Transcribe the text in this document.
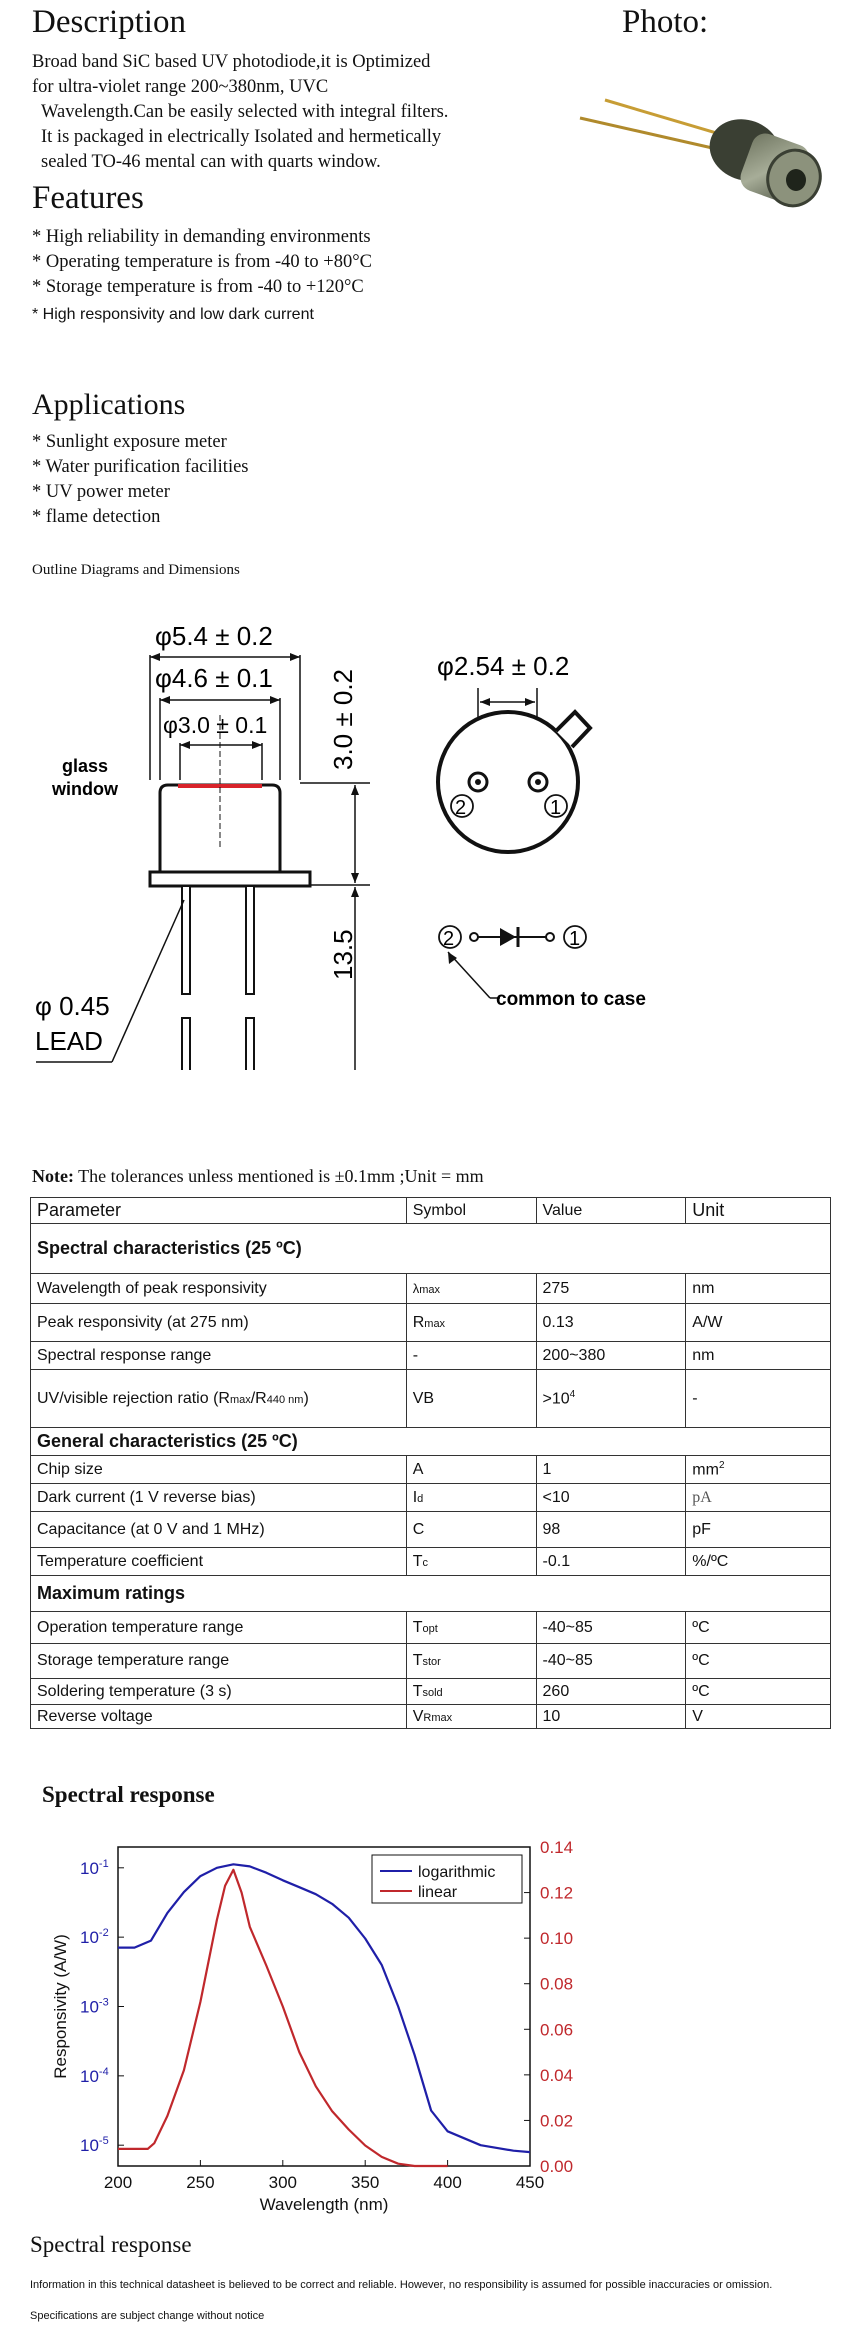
Description	Photo:
Broad band SiC based UV photodiode,it is Optimized
for ultra-violet range 200~380nm, UVC
Wavelength.Can be easily selected with integral filters.
It is packaged in electrically Isolated and hermetically
sealed TO-46 mental can with quarts window.
Features
* High reliability in demanding environments
* Operating temperature is from -40 to +80°C
* Storage temperature is from -40 to +120°C
* High responsivity and low dark current
Applications
* Sunlight exposure meter
* Water purification facilities
* UV power meter
* flame detection
Outline Diagrams and Dimensions
φ5.4 ± 0.2
φ4.6 ± 0.1
φ3.0 ± 0.1 3.0 ± 0.2
13.5
glass
window
φ 0.45
LEAD
φ2.54 ± 0.2
2	1
2	1
common to case
Note: The tolerances unless mentioned is ±0.1mm ;Unit = mm
Parameter	Symbol	Value	Unit
Spectral characteristics (25 ºC)			
Wavelength of peak responsivity	λmax	275	nm
Peak responsivity (at 275 nm)	Rmax	0.13	A/W
Spectral response range	-	200~380	nm
UV/visible rejection ratio (Rmax/R440 nm)	VB	$>10^4$	-
General characteristics (25 ºC)			
Chip size	A	1	$mm^2$
Dark current (1 V reverse bias)	Id	<10	pA
Capacitance (at 0 V and 1 MHz)	C	98	pF
Temperature coefficient	Tc	-0.1	%/ºC
Maximum ratings			
Operation temperature range	Topt	-40~85	ºC
Storage temperature range	Tstor	-40~85	ºC
Soldering temperature (3 s)	Tsold	260	ºC
Reverse voltage	VRmax	10	V
Spectral response
200	250	300	350	400	450
Wavelength (nm)
$10^{-1}$
$10^{-2}$
$10^{-3}$
$10^{-4}$
$10^{-5}$
Responsivity (A/W)
0.00
0.02
0.04
0.06
0.08
0.10
0.12
0.14
logarithmic
linear
Spectral response
Information in this technical datasheet is believed to be correct and reliable. However, no responsibility is assumed for possible inaccuracies or omission.
Specifications are subject change without notice
